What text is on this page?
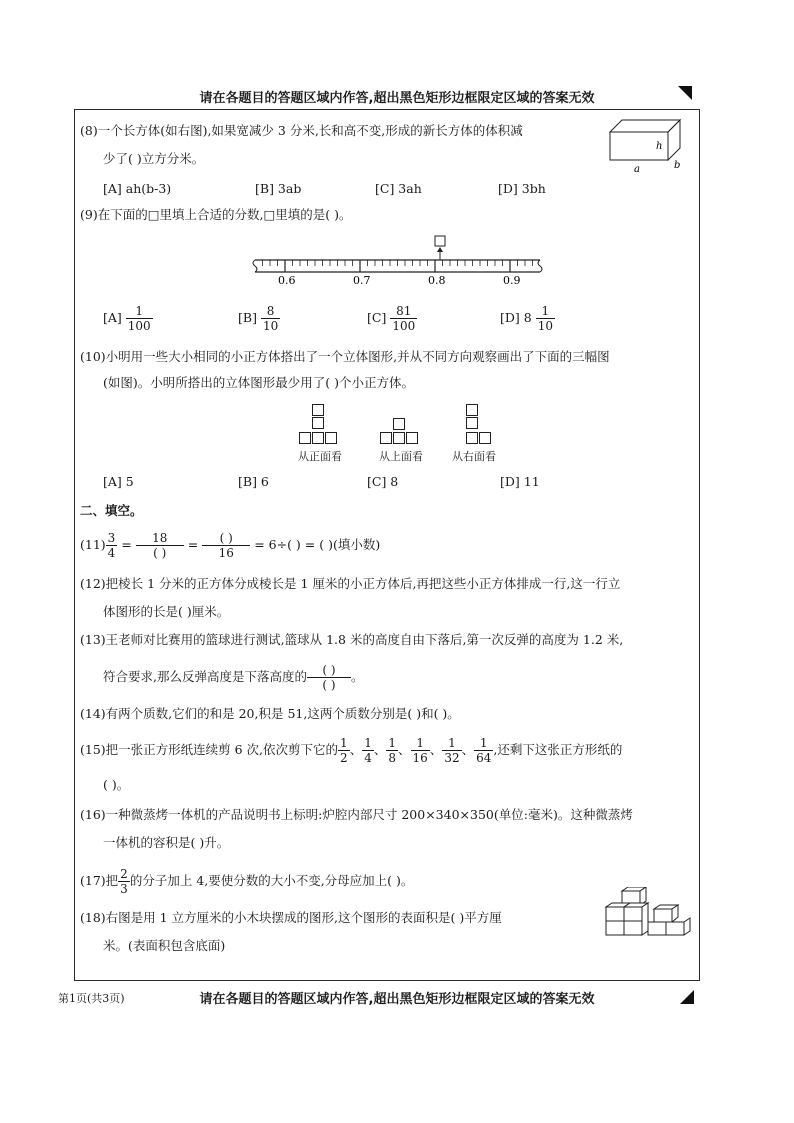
请在各题目的答题区域内作答,超出黑色矩形边框限定区域的答案无效
(8)一个长方体(如右图),如果宽减少 3 分米,长和高不变,形成的新长方体的体积减
少了( )立方分米。
h
a	b
[A] ah(b-3)	[B] 3ab	[C] 3ah	[D] 3bh
(9)在下面的□里填上合适的分数,□里填的是( )。
0.6	0.7	0.8	0.9
$[A] \frac{1}{100}$	$[B] \frac{8}{10}$	$[C] \frac{81}{100}$	[D] $8 \frac{1}{10}$
(10)小明用一些大小相同的小正方体搭出了一个立体图形,并从不同方向观察画出了下面的三幅图
(如图)。小明所搭出的立体图形最少用了( )个小正方体。
从正面看	从上面看	从右面看
[A] 5	[B] 6	[C] 8	[D] 11
二、填空。
$(11) \frac{3}{4} = \frac{18}{( )} = \frac{( )}{16} = 6\div$( ) = ( )(填小数)
(12)把棱长 1 分米的正方体分成棱长是 1 厘米的小正方体后,再把这些小正方体排成一行,这一行立
体图形的长是( )厘米。
(13)王老师对比赛用的篮球进行测试,篮球从 1.8 米的高度自由下落后,第一次反弹的高度为 1.2 米,
符合要求,那么反弹高度是下落高度的 $\frac{( )}{( )}$ 。
(14)有两个质数,它们的和是 20,积是 51,这两个质数分别是( )和( )。
(15)把一张正方形纸连续剪 6 次,依次剪下它的 $\frac{1}{2}$ 、 $\frac{1}{4}$ 、 $\frac{1}{8}$ 、 $\frac{1}{16}$ 、 $\frac{1}{32}$ 、 $\frac{1}{64}$ ,还剩下这张正方形纸的
( )。
(16)一种微蒸烤一体机的产品说明书上标明:炉腔内部尺寸 200×340×350(单位:毫米)。这种微蒸烤
一体机的容积是( )升。
(17)把 $\frac{2}{3}$ 的分子加上 4,要使分数的大小不变,分母应加上( )。
(18)右图是用 1 立方厘米的小木块摆成的图形,这个图形的表面积是( )平方厘
米。(表面积包含底面)
第1页(共3页)	请在各题目的答题区域内作答,超出黑色矩形边框限定区域的答案无效
